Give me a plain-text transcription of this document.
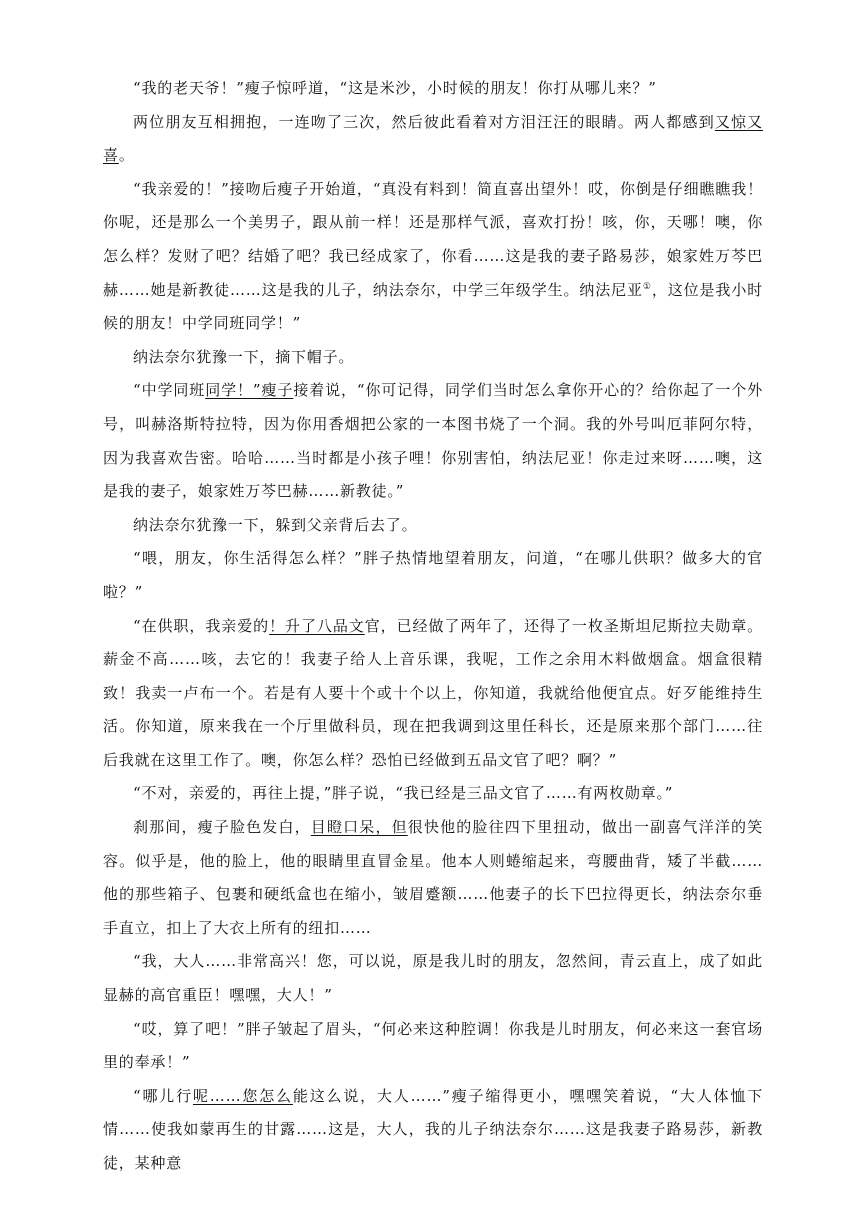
“我的老天爷！”瘦子惊呼道，“这是米沙，小时候的朋友！你打从哪儿来？”

两位朋友互相拥抱，一连吻了三次，然后彼此看着对方泪汪汪的眼睛。两人都感到又惊又喜。

“我亲爱的！”接吻后瘦子开始道，“真没有料到！简直喜出望外！哎，你倒是仔细瞧瞧我！你呢，还是那么一个美男子，跟从前一样！还是那样气派，喜欢打扮！咳，你，天哪！噢，你怎么样？发财了吧？结婚了吧？我已经成家了，你看……这是我的妻子路易莎，娘家姓万芩巴赫……她是新教徒……这是我的儿子，纳法奈尔，中学三年级学生。纳法尼亚①，这位是我小时候的朋友！中学同班同学！”

纳法奈尔犹豫一下，摘下帽子。

“中学同班同学！”瘦子接着说，“你可记得，同学们当时怎么拿你开心的？给你起了一个外号，叫赫洛斯特拉特，因为你用香烟把公家的一本图书烧了一个洞。我的外号叫厄菲阿尔特，因为我喜欢告密。哈哈……当时都是小孩子哩！你别害怕，纳法尼亚！你走过来呀……噢，这是我的妻子，娘家姓万芩巴赫……新教徒。”

纳法奈尔犹豫一下，躲到父亲背后去了。

“喂，朋友，你生活得怎么样？”胖子热情地望着朋友，问道，“在哪儿供职？做多大的官啦？”

“在供职，我亲爱的！升了八品文官，已经做了两年了，还得了一枚圣斯坦尼斯拉夫勋章。薪金不高……咳，去它的！我妻子给人上音乐课，我呢，工作之余用木料做烟盒。烟盒很精致！我卖一卢布一个。若是有人要十个或十个以上，你知道，我就给他便宜点。好歹能维持生活。你知道，原来我在一个厅里做科员，现在把我调到这里任科长，还是原来那个部门……往后我就在这里工作了。噢，你怎么样？恐怕已经做到五品文官了吧？啊？”

“不对，亲爱的，再往上提，”胖子说，“我已经是三品文官了……有两枚勋章。”

刹那间，瘦子脸色发白，目瞪口呆，但很快他的脸往四下里扭动，做出一副喜气洋洋的笑容。似乎是，他的脸上，他的眼睛里直冒金星。他本人则蜷缩起来，弯腰曲背，矮了半截……他的那些箱子、包裹和硬纸盒也在缩小，皱眉蹙额……他妻子的长下巴拉得更长，纳法奈尔垂手直立，扣上了大衣上所有的纽扣……

“我，大人……非常高兴！您，可以说，原是我儿时的朋友，忽然间，青云直上，成了如此显赫的高官重臣！嘿嘿，大人！”

“哎，算了吧！”胖子皱起了眉头，“何必来这种腔调！你我是儿时朋友，何必来这一套官场里的奉承！”

“哪儿行呢……您怎么能这么说，大人……”瘦子缩得更小，嘿嘿笑着说，“大人体恤下情……使我如蒙再生的甘露……这是，大人，我的儿子纳法奈尔……这是我妻子路易莎，新教徒，某种意
